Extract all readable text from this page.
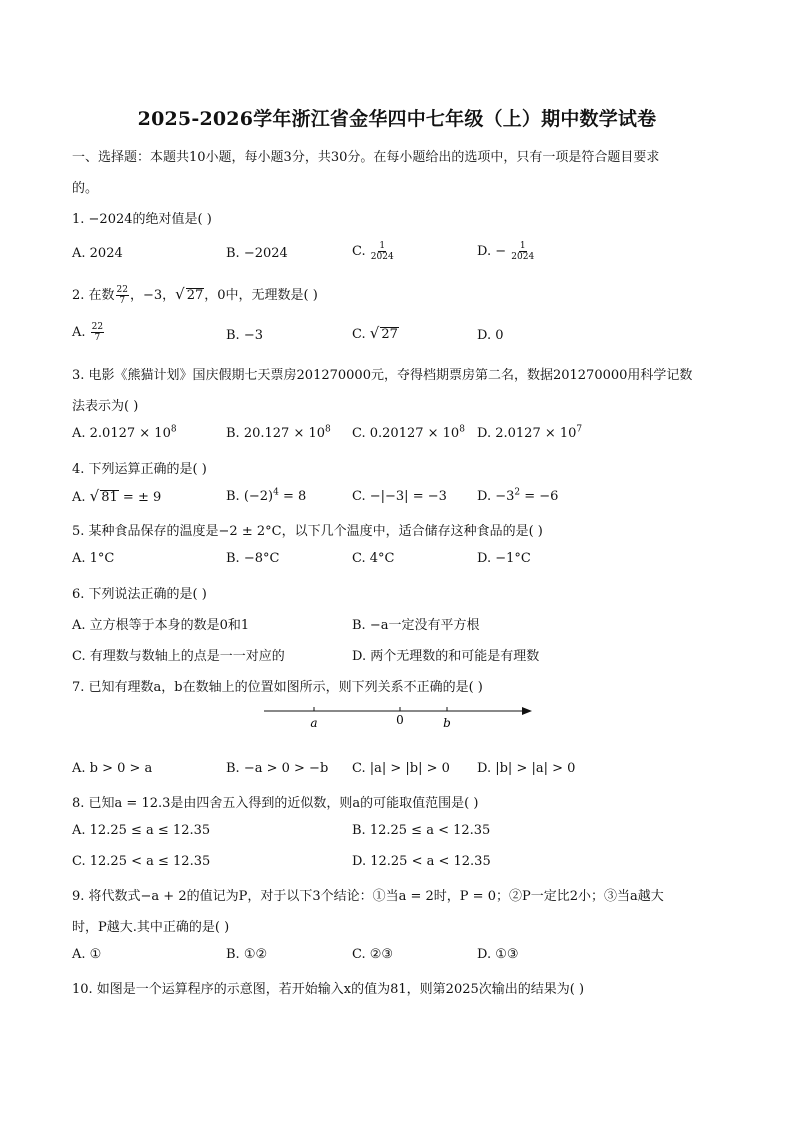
2025-2026学年浙江省金华四中七年级（上）期中数学试卷
一、选择题：本题共10小题，每小题3分，共30分。在每小题给出的选项中，只有一项是符合题目要求
的。
1. −2024的绝对值是( )
A. 2024	B. −2024	C. $\frac{1}{2024}$	D. − $\frac{1}{2024}$
2. 在数 $\frac{22}{7}$ ，−3，√ 27，0中，无理数是( )
A. $\frac{22}{7}$	B. −3	C. √ 27	D. 0
3. 电影《熊猫计划》国庆假期七天票房201270000元，夺得档期票房第二名，数据201270000用科学记数
法表示为( )
A. $2.0127 \times 10^8$	B. $20.127 \times 10^8$ C. $0.20127 \times 10^8$ D. $2.0127 \times 10^7$
4. 下列运算正确的是( )
A. √ 81 = ± 9	B. $(-2)^4 = 8$	C. −|−3| = −3 D. $-3^2 = -6$
5. 某种食品保存的温度是−2 ± 2°C，以下几个温度中，适合储存这种食品的是( )
A. 1°C	B. −8°C	C. 4°C	D. −1°C
6. 下列说法正确的是( )
A. 立方根等于本身的数是0和1	B. −a一定没有平方根
C. 有理数与数轴上的点是一一对应的	D. 两个无理数的和可能是有理数
7. 已知有理数a，b在数轴上的位置如图所示，则下列关系不正确的是( )
a	0	b
A. b > 0 > a	B. −a > 0 > −b C. |a| > |b| > 0 D. |b| > |a| > 0
8. 已知a = 12.3是由四舍五入得到的近似数，则a的可能取值范围是( )
A. 12.25 ≤ a ≤ 12.35	B. 12.25 ≤ a < 12.35
C. 12.25 < a ≤ 12.35	D. 12.25 < a < 12.35
9. 将代数式−a + 2的值记为P，对于以下3个结论：①当a = 2时，P = 0；②P一定比2小；③当a越大
时，P越大.其中正确的是( )
A. ①	B. ①②	C. ②③	D. ①③
10. 如图是一个运算程序的示意图，若开始输入x的值为81，则第2025次输出的结果为( )
